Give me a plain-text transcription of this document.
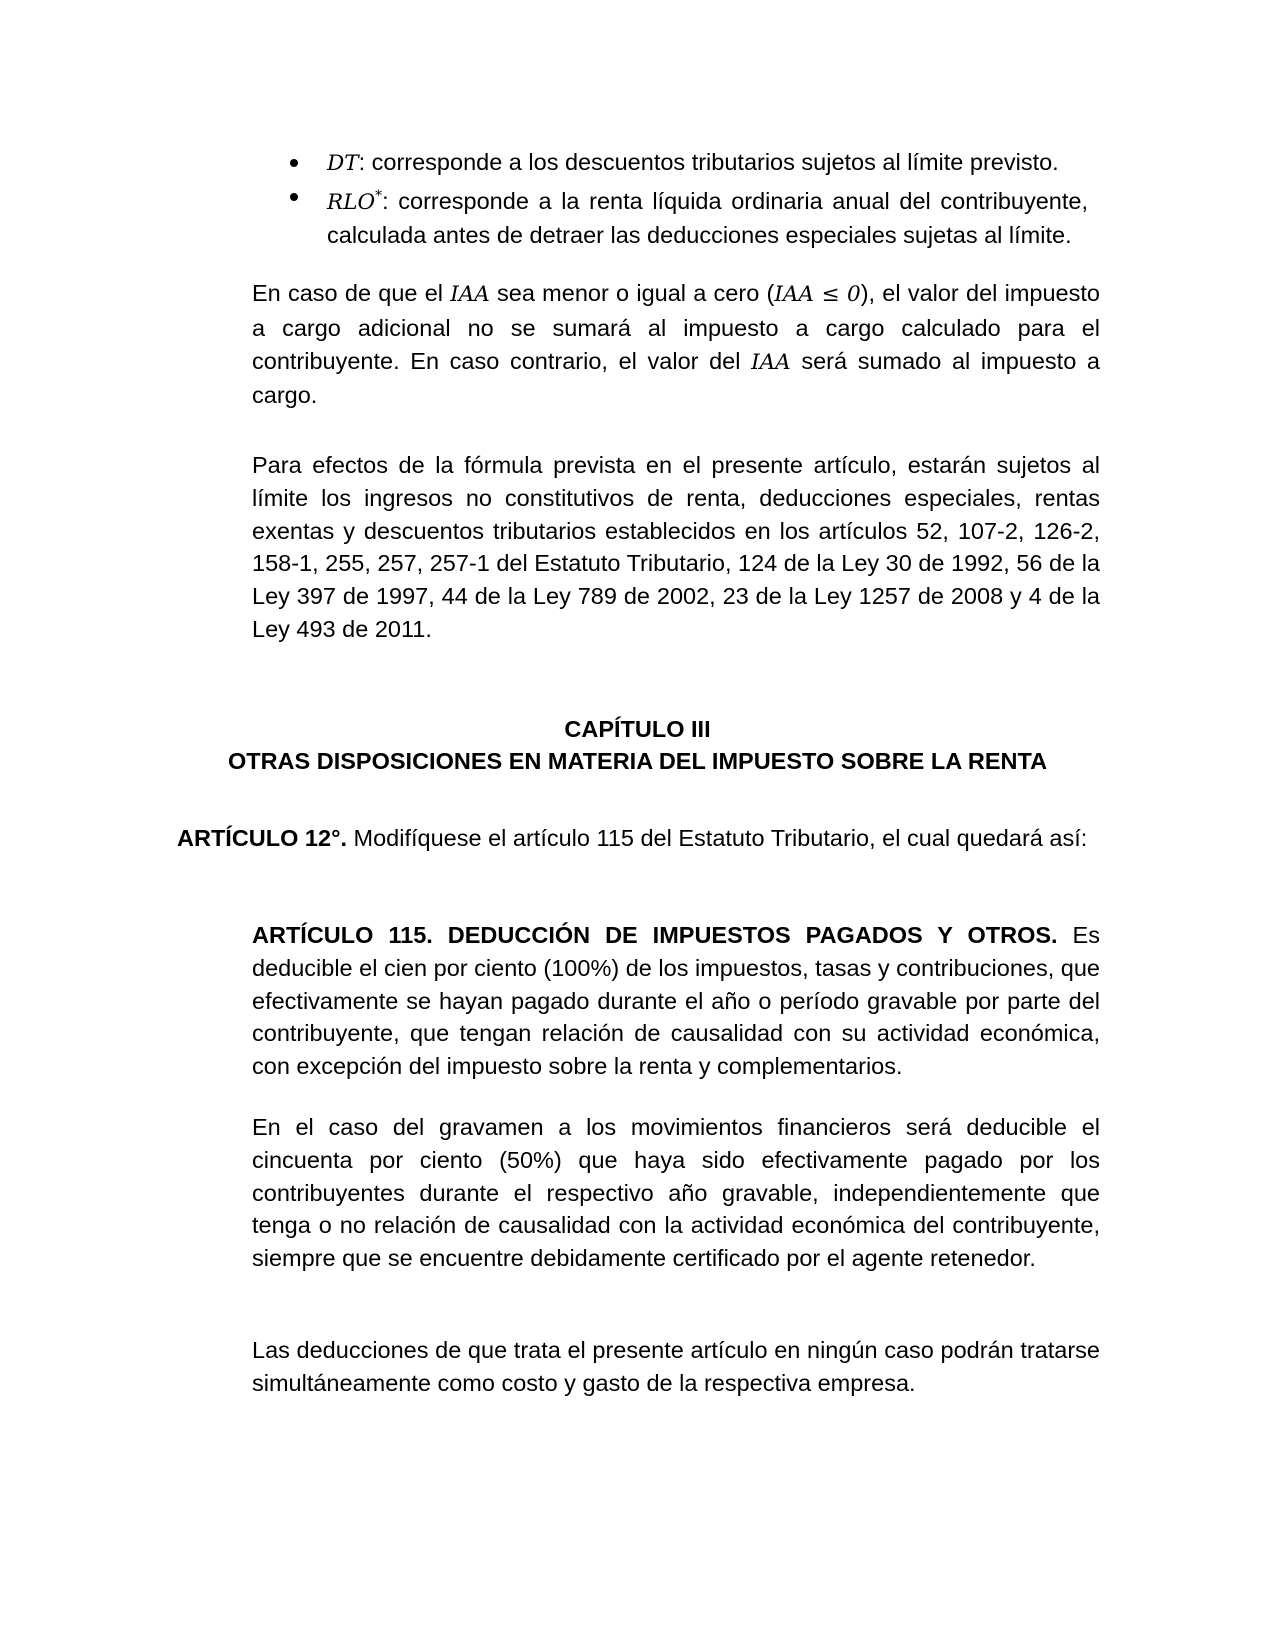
DT: corresponde a los descuentos tributarios sujetos al límite previsto.
RLO*: corresponde a la renta líquida ordinaria anual del contribuyente, calculada antes de detraer las deducciones especiales sujetas al límite.

En caso de que el IAA sea menor o igual a cero (IAA ≤ 0), el valor del impuesto a cargo adicional no se sumará al impuesto a cargo calculado para el contribuyente. En caso contrario, el valor del IAA será sumado al impuesto a cargo.

Para efectos de la fórmula prevista en el presente artículo, estarán sujetos al límite los ingresos no constitutivos de renta, deducciones especiales, rentas exentas y descuentos tributarios establecidos en los artículos 52, 107-2, 126-2, 158-1, 255, 257, 257-1 del Estatuto Tributario, 124 de la Ley 30 de 1992, 56 de la Ley 397 de 1997, 44 de la Ley 789 de 2002, 23 de la Ley 1257 de 2008 y 4 de la Ley 493 de 2011.

CAPÍTULO III
OTRAS DISPOSICIONES EN MATERIA DEL IMPUESTO SOBRE LA RENTA

ARTÍCULO 12°. Modifíquese el artículo 115 del Estatuto Tributario, el cual quedará así:

ARTÍCULO 115. DEDUCCIÓN DE IMPUESTOS PAGADOS Y OTROS. Es deducible el cien por ciento (100%) de los impuestos, tasas y contribuciones, que efectivamente se hayan pagado durante el año o período gravable por parte del contribuyente, que tengan relación de causalidad con su actividad económica, con excepción del impuesto sobre la renta y complementarios.

En el caso del gravamen a los movimientos financieros será deducible el cincuenta por ciento (50%) que haya sido efectivamente pagado por los contribuyentes durante el respectivo año gravable, independientemente que tenga o no relación de causalidad con la actividad económica del contribuyente, siempre que se encuentre debidamente certificado por el agente retenedor.

Las deducciones de que trata el presente artículo en ningún caso podrán tratarse simultáneamente como costo y gasto de la respectiva empresa.
